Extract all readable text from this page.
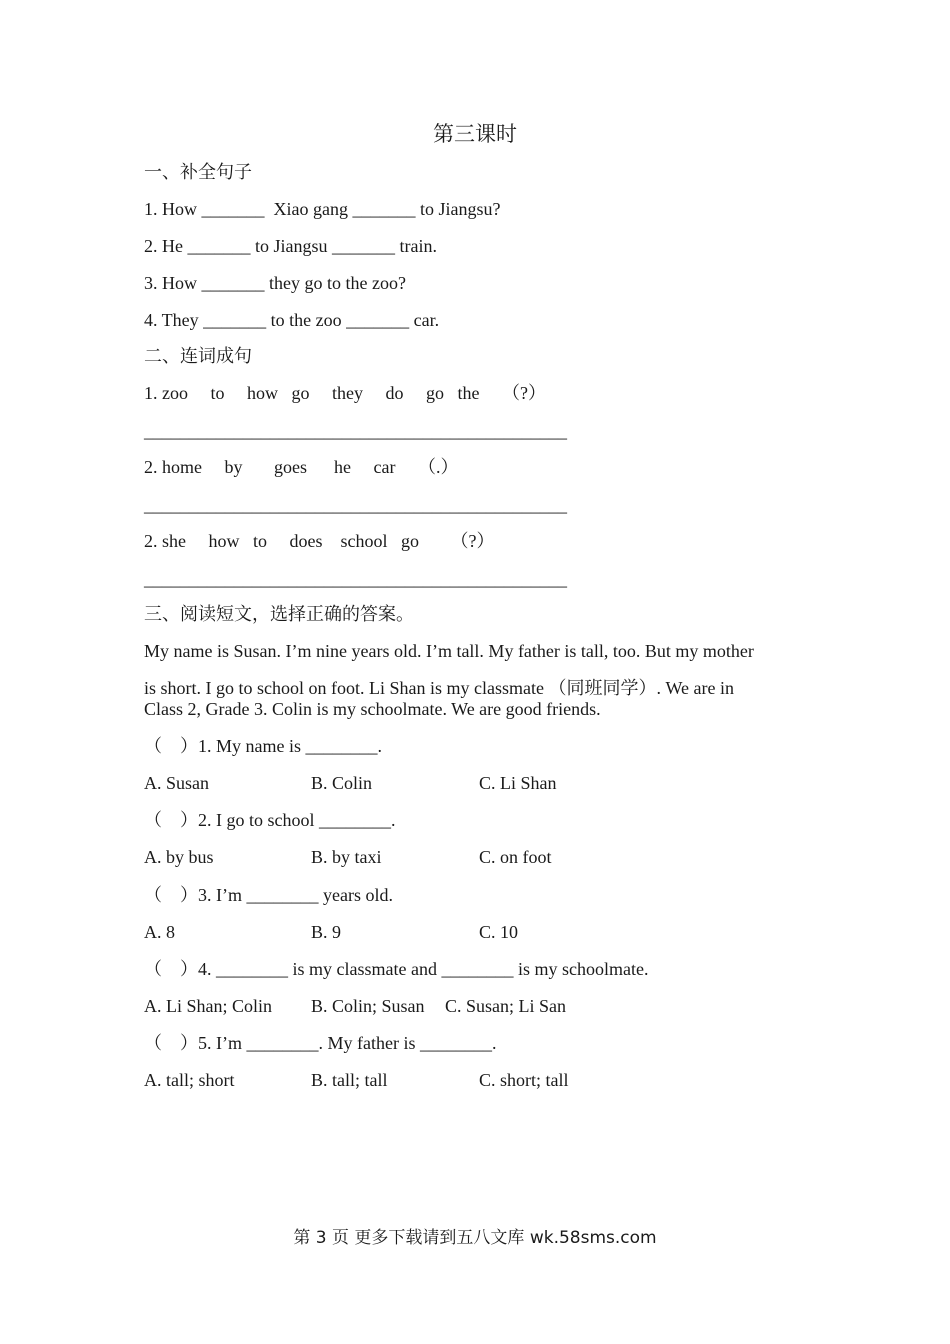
第三课时
一、补全句子
1. How _______  Xiao gang _______ to Jiangsu?
2. He _______ to Jiangsu _______ train.
3. How _______ they go to the zoo?
4. They _______ to the zoo _______ car.
二、连词成句
1. zoo     to     how   go     they     do     go   the     （?）
_______________________________________________
2. home     by       goes      he     car     （.）
_______________________________________________
2. she     how   to     does    school   go       （?）
_______________________________________________
三、阅读短文，选择正确的答案。
My name is Susan. I’m nine years old. I’m tall. My father is tall, too. But my mother
is short. I go to school on foot. Li Shan is my classmate （同班同学）. We are in
Class 2, Grade 3. Colin is my schoolmate. We are good friends.
（    ）1. My name is ________.
A. Susan	B. Colin	C. Li Shan
（    ）2. I go to school ________.
A. by bus	B. by taxi	C. on foot
（    ）3. I’m ________ years old.
A. 8	B. 9	C. 10
（    ）4. ________ is my classmate and ________ is my schoolmate.
A. Li Shan; Colin B. Colin; Susan C. Susan; Li San
（    ）5. I’m ________. My father is ________.
A. tall; short	B. tall; tall	C. short; tall
第 3 页 更多下载请到五八文库 wk.58sms.com
